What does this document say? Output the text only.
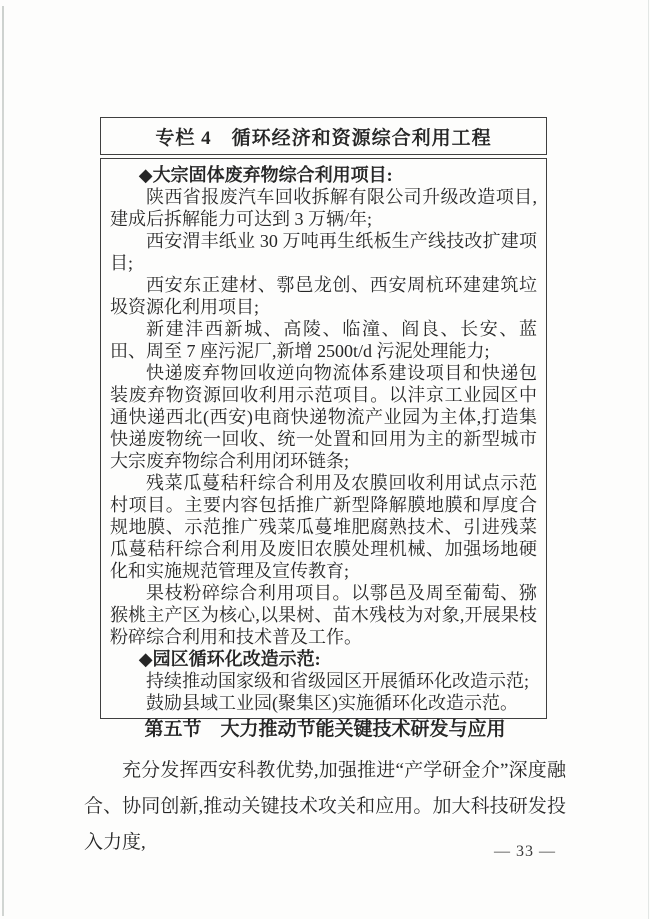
专栏 4　循环经济和资源综合利用工程

◆大宗固体废弃物综合利用项目:

陕西省报废汽车回收拆解有限公司升级改造项目,建成后拆解能力可达到 3 万辆/年;

西安渭丰纸业 30 万吨再生纸板生产线技改扩建项目;

西安东正建材、鄠邑龙创、西安周杭环建建筑垃圾资源化利用项目;

新建沣西新城、高陵、临潼、阎良、长安、蓝田、周至 7 座污泥厂,新增 2500t/d 污泥处理能力;

快递废弃物回收逆向物流体系建设项目和快递包装废弃物资源回收利用示范项目。以沣京工业园区中通快递西北(西安)电商快递物流产业园为主体,打造集快递废物统一回收、统一处置和回用为主的新型城市大宗废弃物综合利用闭环链条;

残菜瓜蔓秸秆综合利用及农膜回收利用试点示范村项目。主要内容包括推广新型降解膜地膜和厚度合规地膜、示范推广残菜瓜蔓堆肥腐熟技术、引进残菜瓜蔓秸秆综合利用及废旧农膜处理机械、加强场地硬化和实施规范管理及宣传教育;

果枝粉碎综合利用项目。以鄠邑及周至葡萄、猕猴桃主产区为核心,以果树、苗木残枝为对象,开展果枝粉碎综合利用和技术普及工作。

◆园区循环化改造示范:

持续推动国家级和省级园区开展循环化改造示范;

鼓励县域工业园(聚集区)实施循环化改造示范。

第五节　大力推动节能关键技术研发与应用
充分发挥西安科教优势,加强推进“产学研金介”深度融合、协同创新,推动关键技术攻关和应用。加大科技研发投入力度,	— 33 —
